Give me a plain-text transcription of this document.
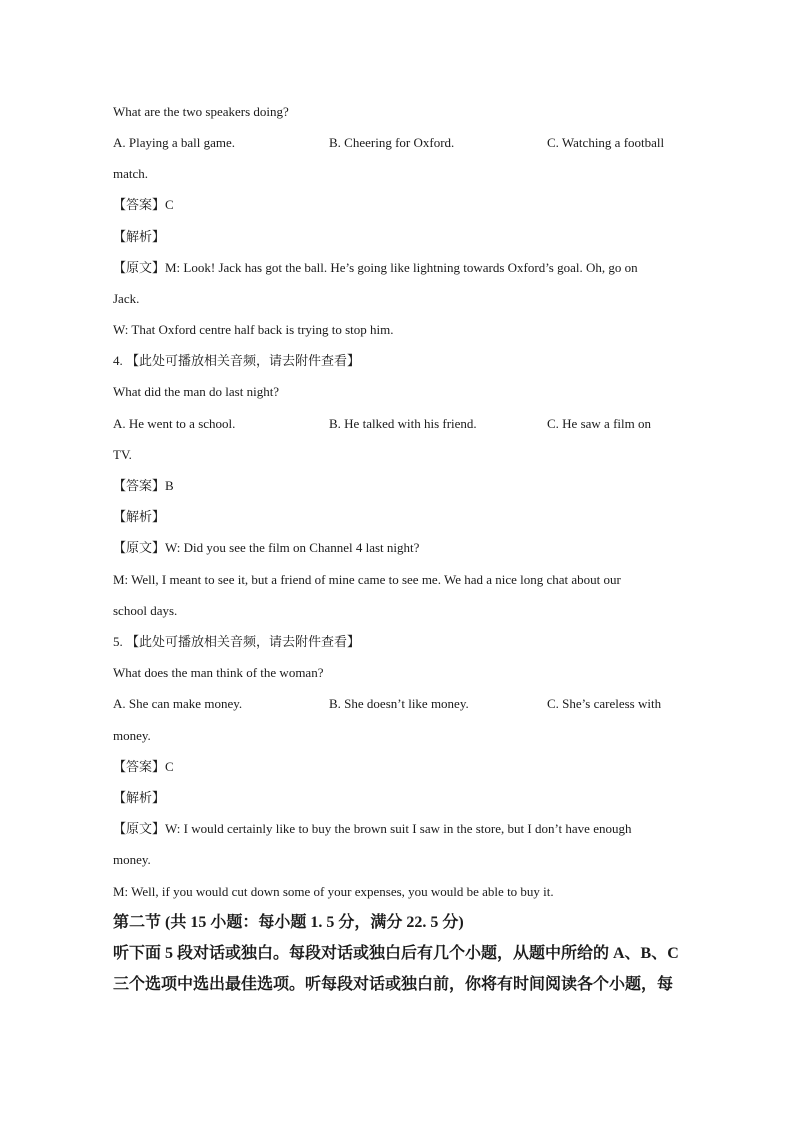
What are the two speakers doing?
A. Playing a ball game.	B. Cheering for Oxford.	C. Watching a football
match.
【答案】C
【解析】
【原文】M: Look! Jack has got the ball. He’s going like lightning towards Oxford’s goal. Oh, go on
Jack.
W: That Oxford centre half back is trying to stop him.
4. 【此处可播放相关音频，请去附件查看】
What did the man do last night?
A. He went to a school.	B. He talked with his friend.	C. He saw a film on
TV.
【答案】B
【解析】
【原文】W: Did you see the film on Channel 4 last night?
M: Well, I meant to see it, but a friend of mine came to see me. We had a nice long chat about our
school days.
5. 【此处可播放相关音频，请去附件查看】
What does the man think of the woman?
A. She can make money.	B. She doesn’t like money.	C. She’s careless with
money.
【答案】C
【解析】
【原文】W: I would certainly like to buy the brown suit I saw in the store, but I don’t have enough
money.
M: Well, if you would cut down some of your expenses, you would be able to buy it.
第二节 (共 15 小题：每小题 1. 5 分，满分 22. 5 分)
听下面 5 段对话或独白。每段对话或独白后有几个小题，从题中所给的 A、B、C
三个选项中选出最佳选项。听每段对话或独白前，你将有时间阅读各个小题，每
